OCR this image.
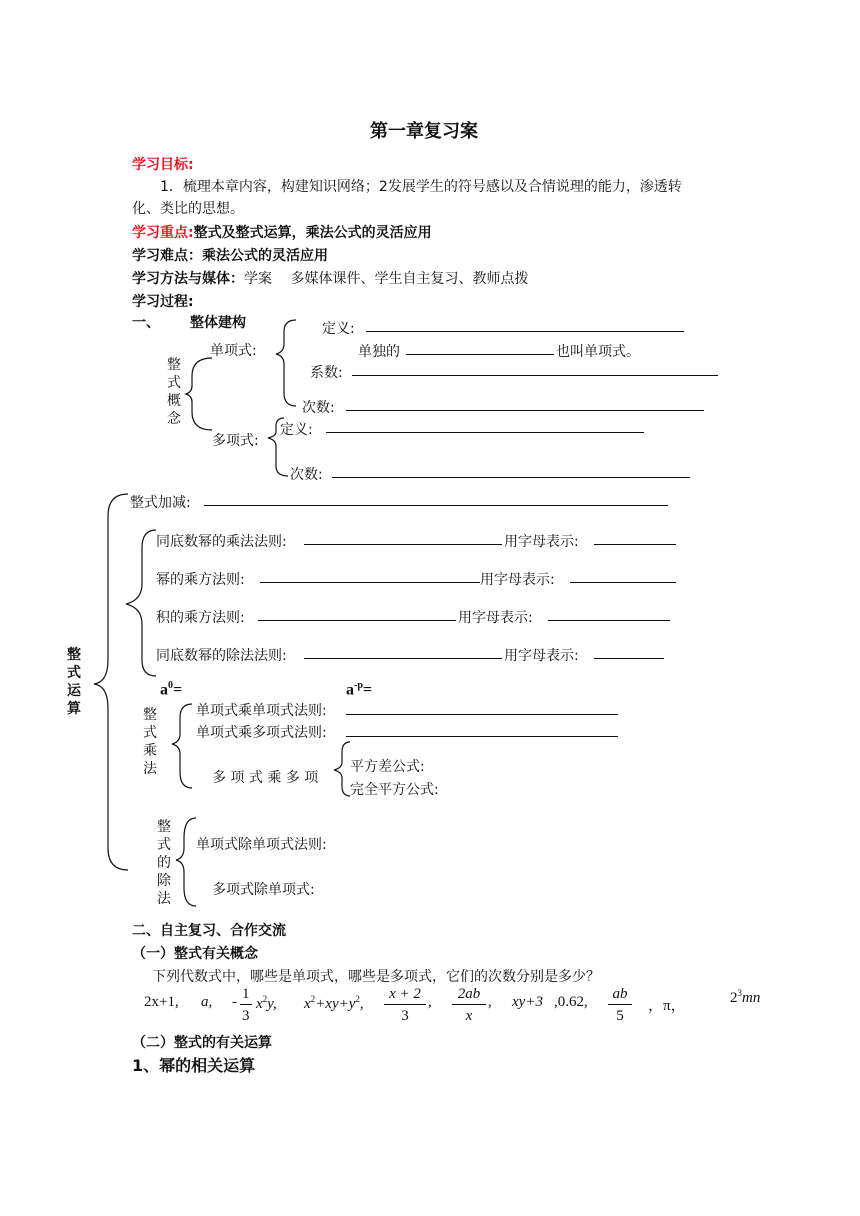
第一章复习案
学习目标:
1．梳理本章内容，构建知识网络；2发展学生的符号感以及合情说理的能力，渗透转
化、类比的思想。
学习重点:整式及整式运算，乘法公式的灵活应用
学习难点：乘法公式的灵活应用
学习方法与媒体：学案　 多媒体课件、学生自主复习、教师点拨
学习过程:
一、 整体建构
整式概念
单项式:
定义:
单独的	也叫单项式。
系数:
次数:
多项式:
定义:
次数:
整式运算
整式加减:
同底数幂的乘法法则:	用字母表示:
幂的乘方法则:	用字母表示:
积的乘方法则:	用字母表示:
同底数幂的除法法则:	用字母表示:
$a^0=$	$a^{-p}=$
整式乘法
单项式乘单项式法则:
单项式乘多项式法则:
多 项 式 乘 多 项
平方差公式:
完全平方公式:
整式的除法
单项式除单项式法则:
多项式除单项式:
二、自主复习、合作交流
（一）整式有关概念
下列代数式中，哪些是单项式，哪些是多项式，它们的次数分别是多少？
2x+1, a, - $\frac{1}{3} x^2y$, $x^2+xy+y^2$, $\frac{x + 2}{3}$ , $\frac{2ab}{x}$ , xy+3 ,0.62, $\frac{ab}{5}$ ，π，	$2^3mn$
（二）整式的有关运算
1、幂的相关运算
